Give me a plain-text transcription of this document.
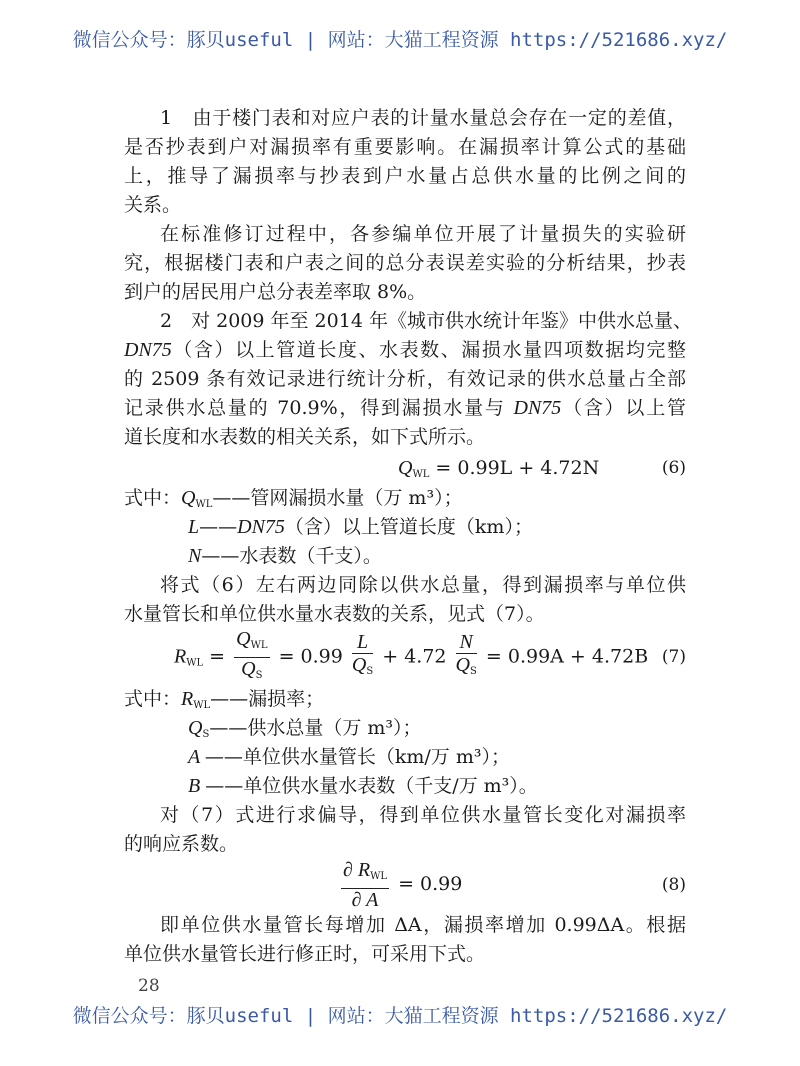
微信公众号：豚贝useful | 网站：大猫工程资源 https://521686.xyz/
1　由于楼门表和对应户表的计量水量总会存在一定的差值，
是否抄表到户对漏损率有重要影响。在漏损率计算公式的基础
上，推导了漏损率与抄表到户水量占总供水量的比例之间的
关系。
在标准修订过程中，各参编单位开展了计量损失的实验研
究，根据楼门表和户表之间的总分表误差实验的分析结果，抄表
到户的居民用户总分表差率取 8%。
2　对 2009 年至 2014 年《城市供水统计年鉴》中供水总量、
DN75（含）以上管道长度、水表数、漏损水量四项数据均完整
的 2509 条有效记录进行统计分析，有效记录的供水总量占全部
记录供水总量的 70.9%，得到漏损水量与 DN75（含）以上管
道长度和水表数的相关关系，如下式所示。
$Q_{WL} = 0.99L + 4.72N$	(6)
式中：$Q_{WL}——$管网漏损水量（万 m³）；
L——DN75（含）以上管道长度（km）；
N——水表数（千支）。
将式（6）左右两边同除以供水总量，得到漏损率与单位供
水量管长和单位供水量水表数的关系，见式（7）。
$R_{WL} = \frac{Q_{WL}}{Q_S} = 0.99 \frac{L}{Q_S} + 4.72 \frac{N}{Q_S} = 0.99A + 4.72B$ (7)
式中：$R_{WL}——$漏损率；
$Q_S——$供水总量（万 m³）；
A ——单位供水量管长（km/万 m³）；
B ——单位供水量水表数（千支/万 m³）。
对（7）式进行求偏导，得到单位供水量管长变化对漏损率
的响应系数。
$\frac{\partial R_{WL}}{\partial A} = 0.99$	(8)
即单位供水量管长每增加 ΔA，漏损率增加 0.99ΔA。根据
单位供水量管长进行修正时，可采用下式。
28
微信公众号：豚贝useful | 网站：大猫工程资源 https://521686.xyz/
